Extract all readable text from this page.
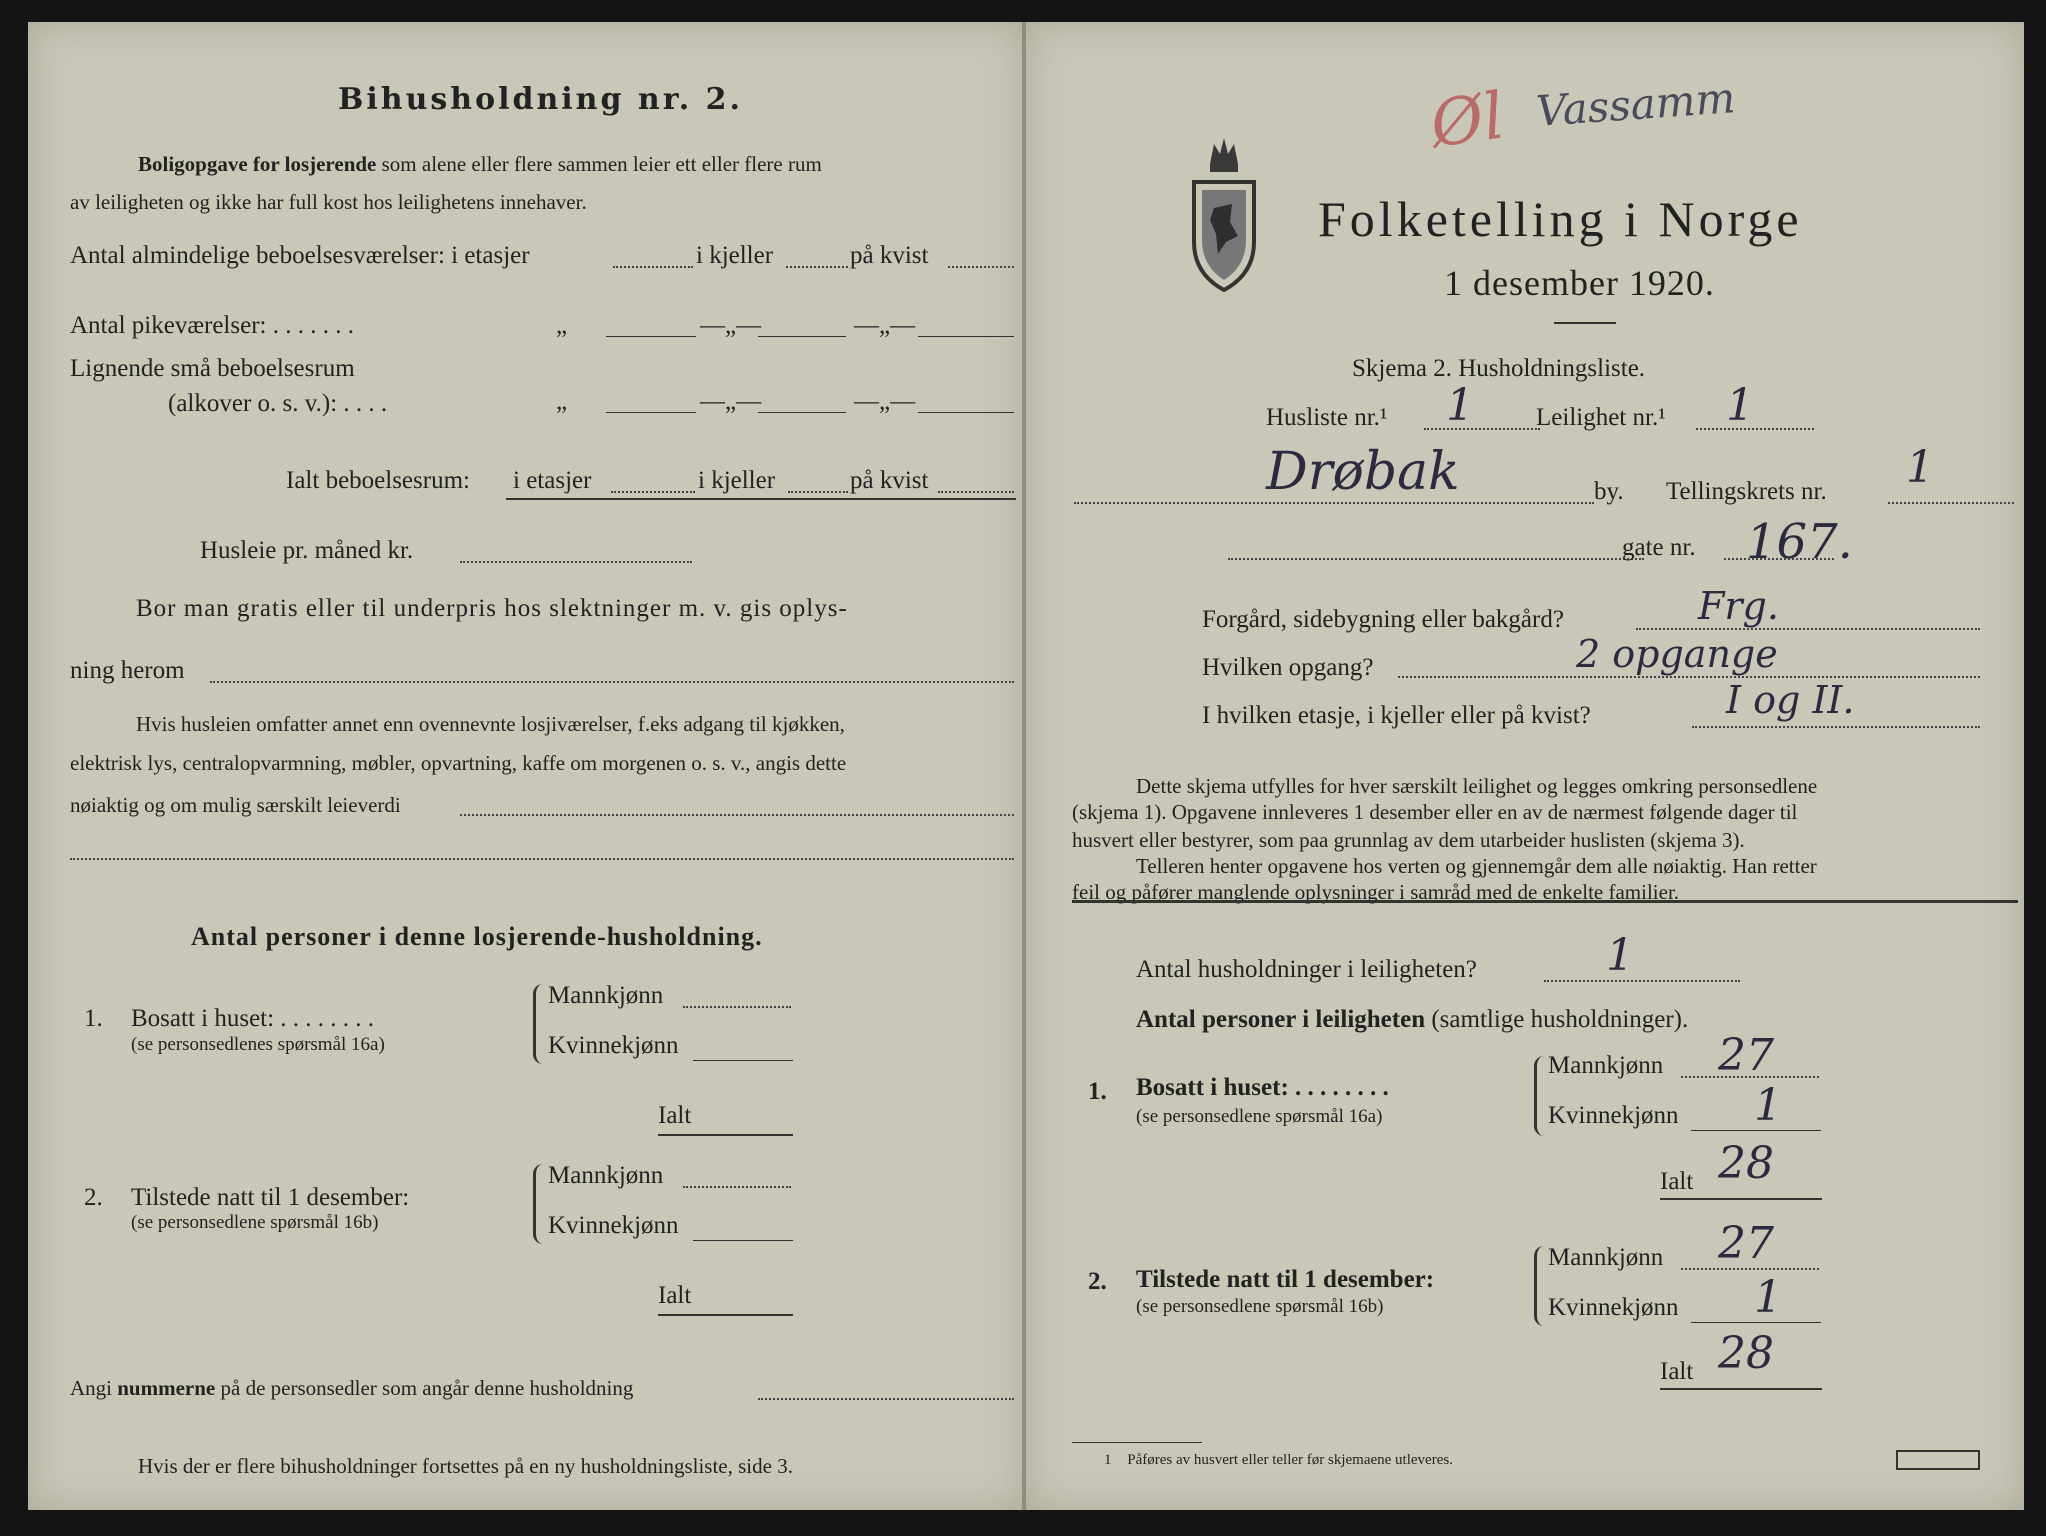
Bihusholdning nr. 2.
Boligopgave for losjerende som alene eller flere sammen leier ett eller flere rum
av leiligheten og ikke har full kost hos leilighetens innehaver.
Antal almindelige beboelsesværelser: i etasjer	i kjeller	på kvist
Antal pikeværelser: . . . . . . .	„	—„—	—„—
Lignende små beboelsesrum
(alkover o. s. v.): . . . .	„	—„—	—„—
Ialt beboelsesrum: i etasjer	i kjeller	på kvist
Husleie pr. måned kr.
Bor man gratis eller til underpris hos slektninger m. v. gis oplys-
ning herom
Hvis husleien omfatter annet enn ovennevnte losjiværelser, f.eks adgang til kjøkken,
elektrisk lys, centralopvarmning, møbler, opvartning, kaffe om morgenen o. s. v., angis dette
nøiaktig og om mulig særskilt leieverdi
Antal personer i denne losjerende-husholdning.
1. Bosatt i huset: . . . . . . . .
(se personsedlenes spørsmål 16a)
Mannkjønn
Kvinnekjønn
Ialt
2. Tilstede natt til 1 desember:
(se personsedlene spørsmål 16b)
Mannkjønn
Kvinnekjønn
Ialt
Angi nummerne på de personsedler som angår denne husholdning
Hvis der er flere bihusholdninger fortsettes på en ny husholdningsliste, side 3.
Øl Vassamm
Folketelling i Norge
1 desember 1920.
Skjema 2. Husholdningsliste.
Husliste nr.¹ 1 Leilighet nr.¹ 1
Drøbak	by. Tellingskrets nr. 1
gate nr. 167.
Forgård, sidebygning eller bakgård?	Frg.
Hvilken opgang?	2 opgange
I hvilken etasje, i kjeller eller på kvist?	I og II.
Dette skjema utfylles for hver særskilt leilighet og legges omkring personsedlene
(skjema 1). Opgavene innleveres 1 desember eller en av de nærmest følgende dager til
husvert eller bestyrer, som paa grunnlag av dem utarbeider huslisten (skjema 3).
Telleren henter opgavene hos verten og gjennemgår dem alle nøiaktig. Han retter
feil og påfører manglende oplysninger i samråd med de enkelte familier.
Antal husholdninger i leiligheten?	1
Antal personer i leiligheten (samtlige husholdninger).
1. Bosatt i huset: . . . . . . . .
(se personsedlene spørsmål 16a)
Mannkjønn 27
Kvinnekjønn 1
Ialt 28
2. Tilstede natt til 1 desember:
(se personsedlene spørsmål 16b)
Mannkjønn 27
Kvinnekjønn 1
Ialt 28
1 Påføres av husvert eller teller før skjemaene utleveres.
